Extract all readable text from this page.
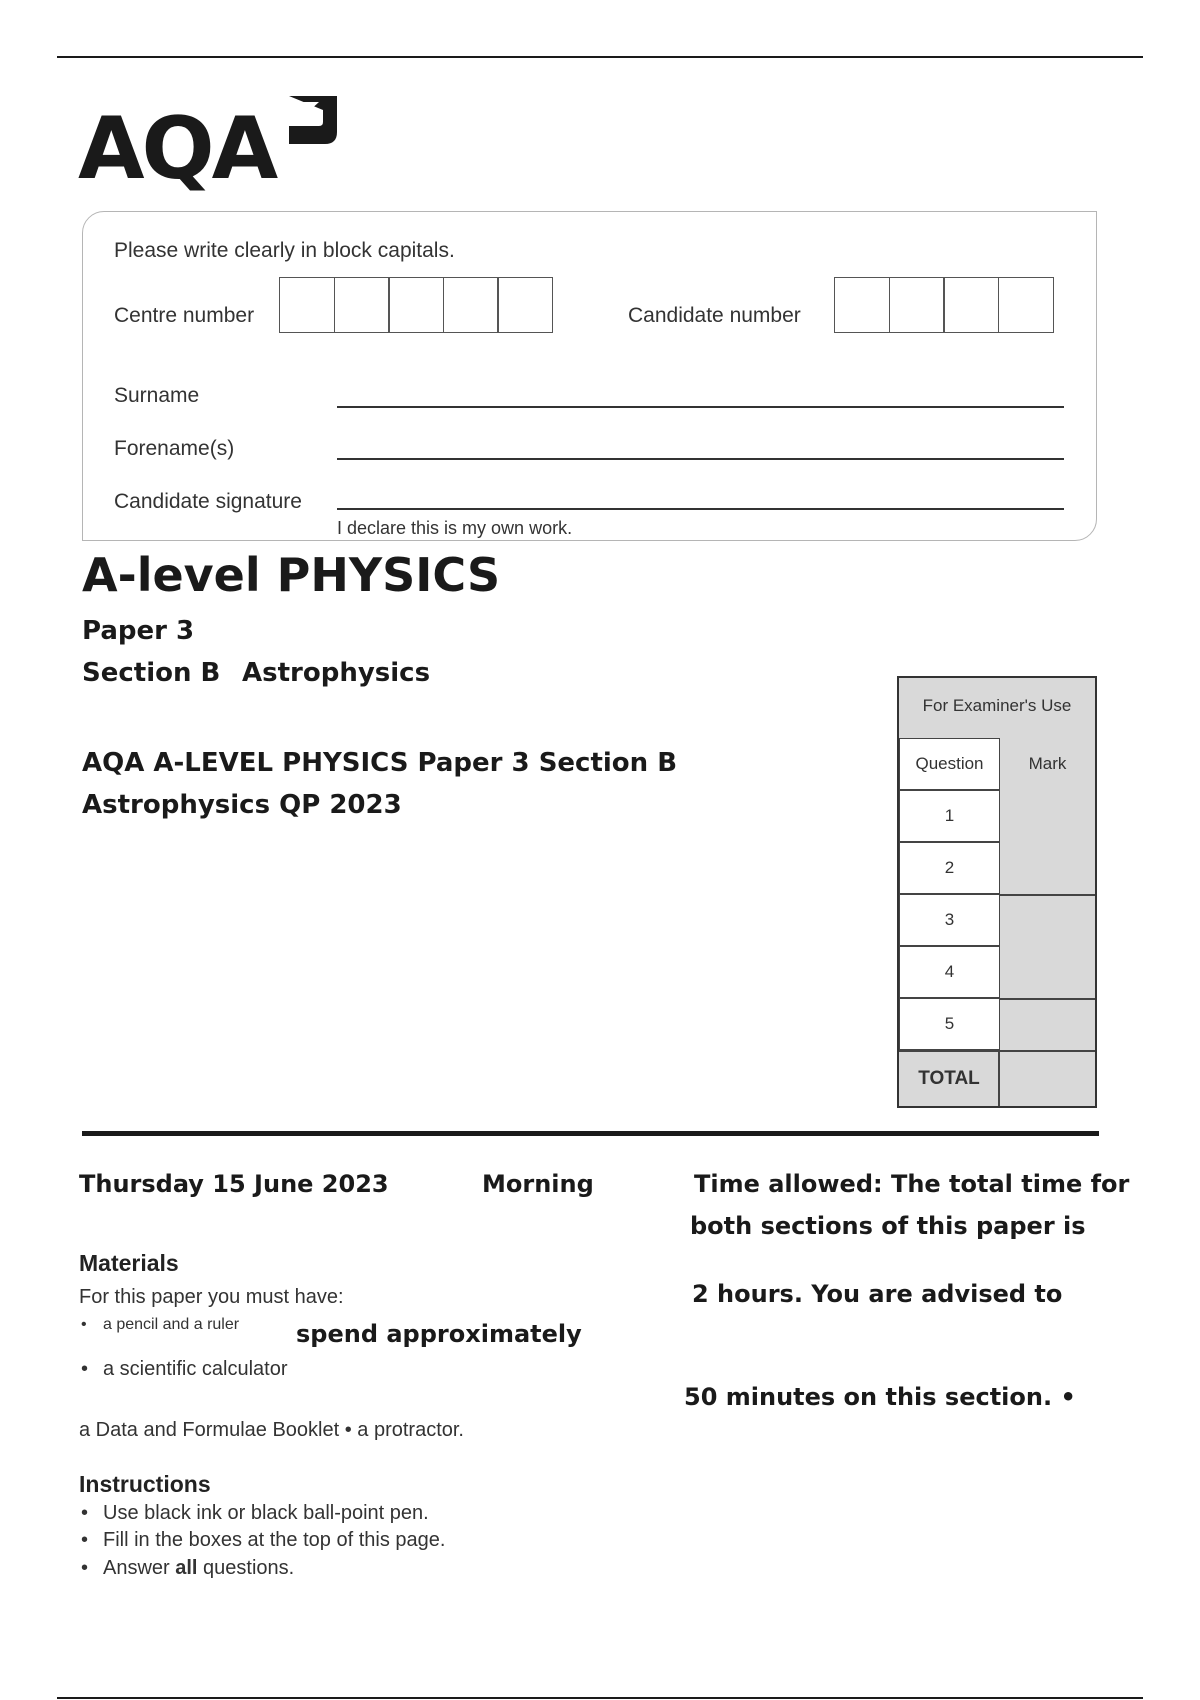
AQA
Please write clearly in block capitals.
Centre number	Candidate number
Surname
Forename(s)
Candidate signature
I declare this is my own work.
A-level PHYSICS
Paper 3
Section B Astrophysics
AQA A-LEVEL PHYSICS Paper 3 Section B Astrophysics QP 2023
For Examiner's Use
Question	Mark
1
2
3
4
5
TOTAL
Thursday 15 June 2023	Morning	Time allowed: The total time for
both sections of this paper is
2 hours. You are advised to
spend approximately
50 minutes on this section. •
Materials
For this paper you must have:
• a pencil and a ruler
• a scientific calculator
a Data and Formulae Booklet • a protractor.
Instructions
• Use black ink or black ball-point pen.
• Fill in the boxes at the top of this page.
• Answer all questions.
